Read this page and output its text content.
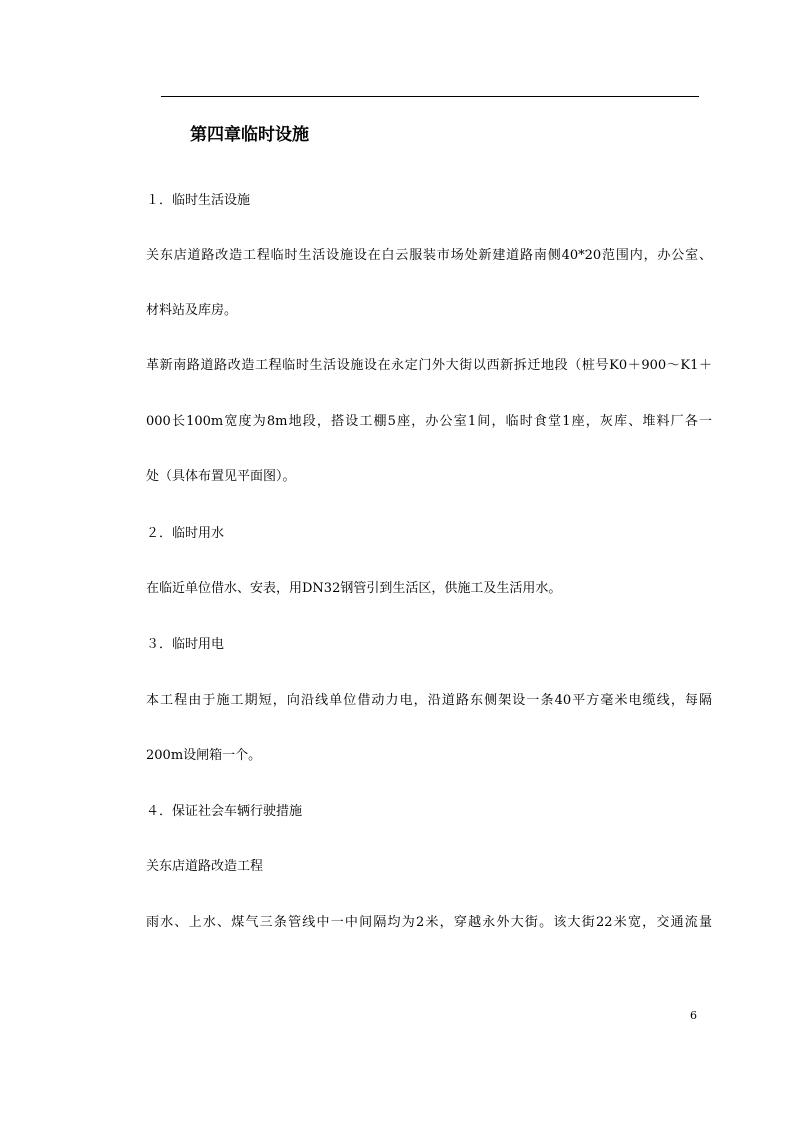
第四章临时设施

１．临时生活设施

关东店道路改造工程临时生活设施设在白云服装市场处新建道路南侧40*20范围内，办公室、

材料站及库房。

革新南路道路改造工程临时生活设施设在永定门外大街以西新拆迁地段（桩号K0＋900～K1＋

000长100m宽度为8m地段，搭设工棚5座，办公室1间，临时食堂1座，灰库、堆料厂各一

处（具体布置见平面图）。

２．临时用水

在临近单位借水、安表，用DN32钢管引到生活区，供施工及生活用水。

３．临时用电

本工程由于施工期短，向沿线单位借动力电，沿道路东侧架设一条40平方毫米电缆线，每隔

200m设闸箱一个。

４．保证社会车辆行驶措施

关东店道路改造工程

雨水、上水、煤气三条管线中一中间隔均为2米，穿越永外大街。该大街22米宽，交通流量

6
